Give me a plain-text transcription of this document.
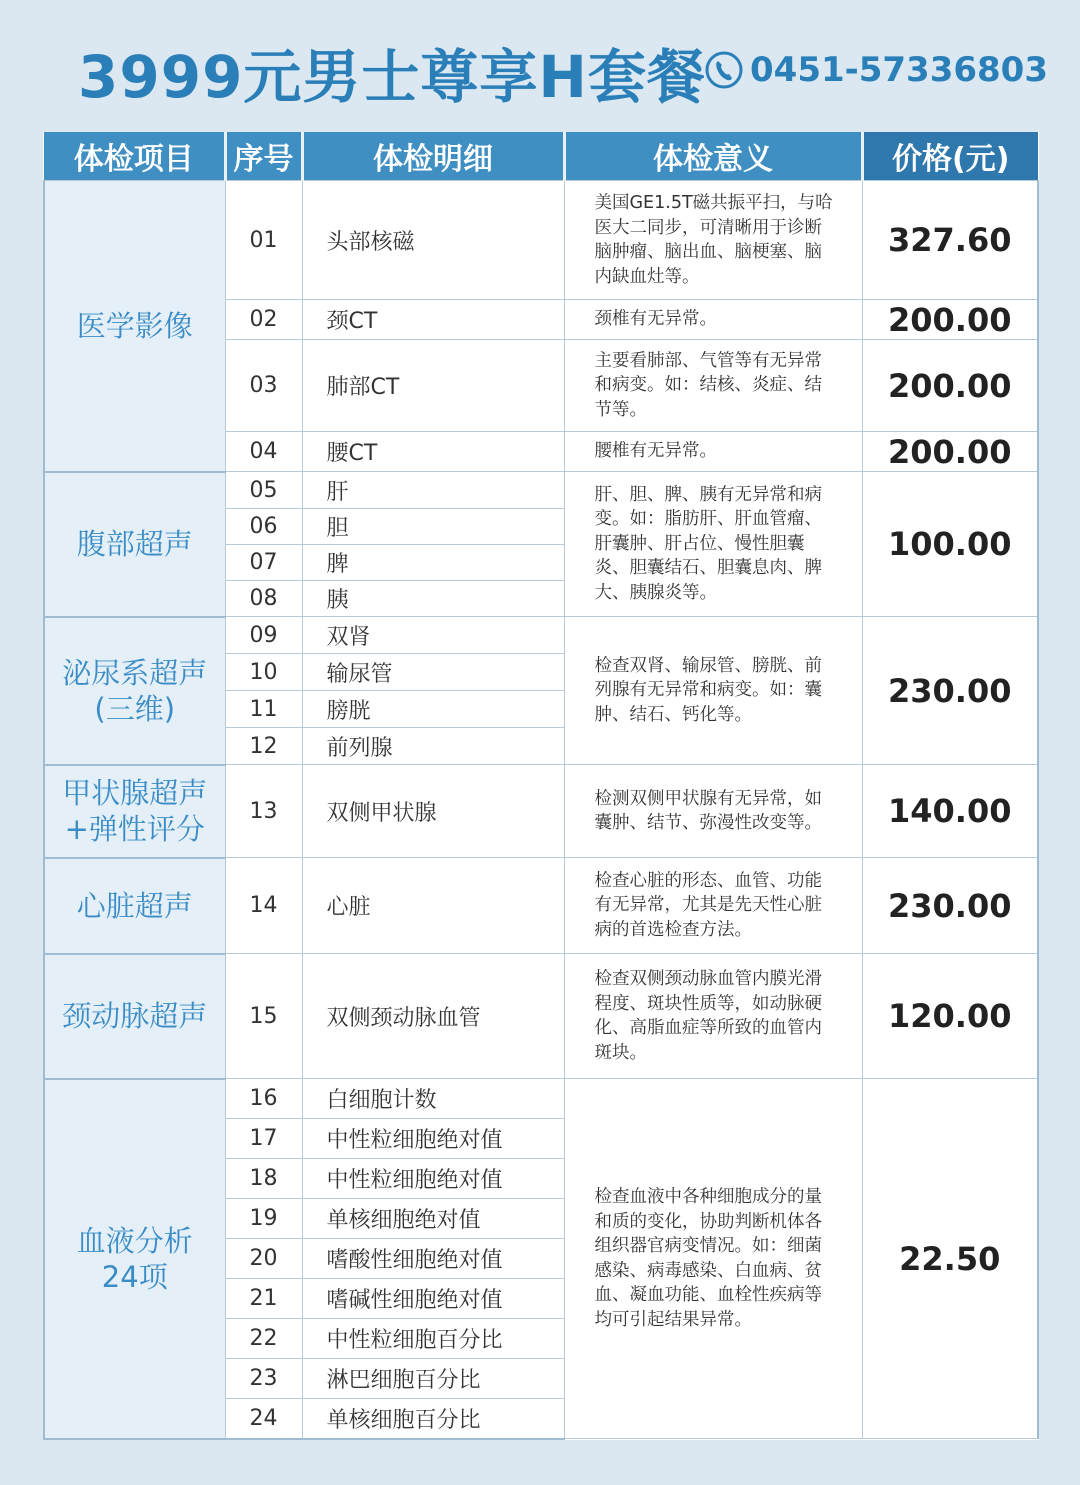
3999元男士尊享H套餐 0451-57336803
体检项目	序号	体检明细	体检意义	价格(元)
医学影像	01	头部核磁	美国GE1.5T磁共振平扫，与哈医大二同步，可清晰用于诊断脑肿瘤、脑出血、脑梗塞、脑内缺血灶等。	327.60
	02	颈CT	颈椎有无异常。	200.00
	03	肺部CT	主要看肺部、气管等有无异常和病变。如：结核、炎症、结节等。	200.00
	04	腰CT	腰椎有无异常。	200.00
腹部超声	05	肝	肝、胆、脾、胰有无异常和病变。如：脂肪肝、肝血管瘤、肝囊肿、肝占位、慢性胆囊炎、胆囊结石、胆囊息肉、脾大、胰腺炎等。	100.00
	06	胆		
	07	脾		
	08	胰		
泌尿系超声
(三维)	09	双肾	检查双肾、输尿管、膀胱、前列腺有无异常和病变。如：囊肿、结石、钙化等。	230.00
	10	输尿管		
	11	膀胱		
	12	前列腺		
甲状腺超声
+弹性评分	13	双侧甲状腺	检测双侧甲状腺有无异常，如囊肿、结节、弥漫性改变等。	140.00
心脏超声	14	心脏	检查心脏的形态、血管、功能有无异常，尤其是先天性心脏病的首选检查方法。	230.00
颈动脉超声	15	双侧颈动脉血管	检查双侧颈动脉血管内膜光滑程度、斑块性质等，如动脉硬化、高脂血症等所致的血管内斑块。	120.00
血液分析
24项	16	白细胞计数	检查血液中各种细胞成分的量和质的变化，协助判断机体各组织器官病变情况。如：细菌感染、病毒感染、白血病、贫血、凝血功能、血栓性疾病等均可引起结果异常。	22.50
	17	中性粒细胞绝对值		
	18	中性粒细胞绝对值		
	19	单核细胞绝对值		
	20	嗜酸性细胞绝对值		
	21	嗜碱性细胞绝对值		
	22	中性粒细胞百分比		
	23	淋巴细胞百分比		
	24	单核细胞百分比		
